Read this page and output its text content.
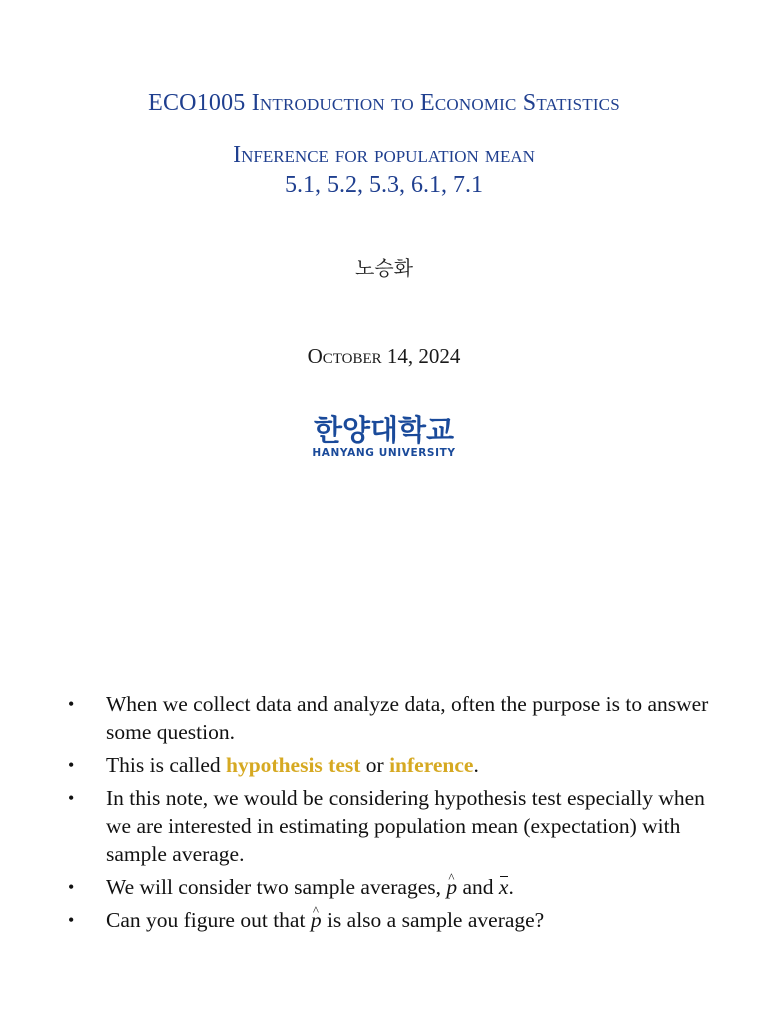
ECO1005 Introduction to Economic Statistics
Inference for population mean
5.1, 5.2, 5.3, 6.1, 7.1
노승화
October 14, 2024
한양대학교
HANYANG UNIVERSITY
• When we collect data and analyze data, often the purpose is to answer some question.
• This is called hypothesis test or inference.
• In this note, we would be considering hypothesis test especially when we are interested in estimating population mean (expectation) with sample average.
• We will consider two sample averages, ^ p and x.
• Can you figure out that ^ p is also a sample average?
